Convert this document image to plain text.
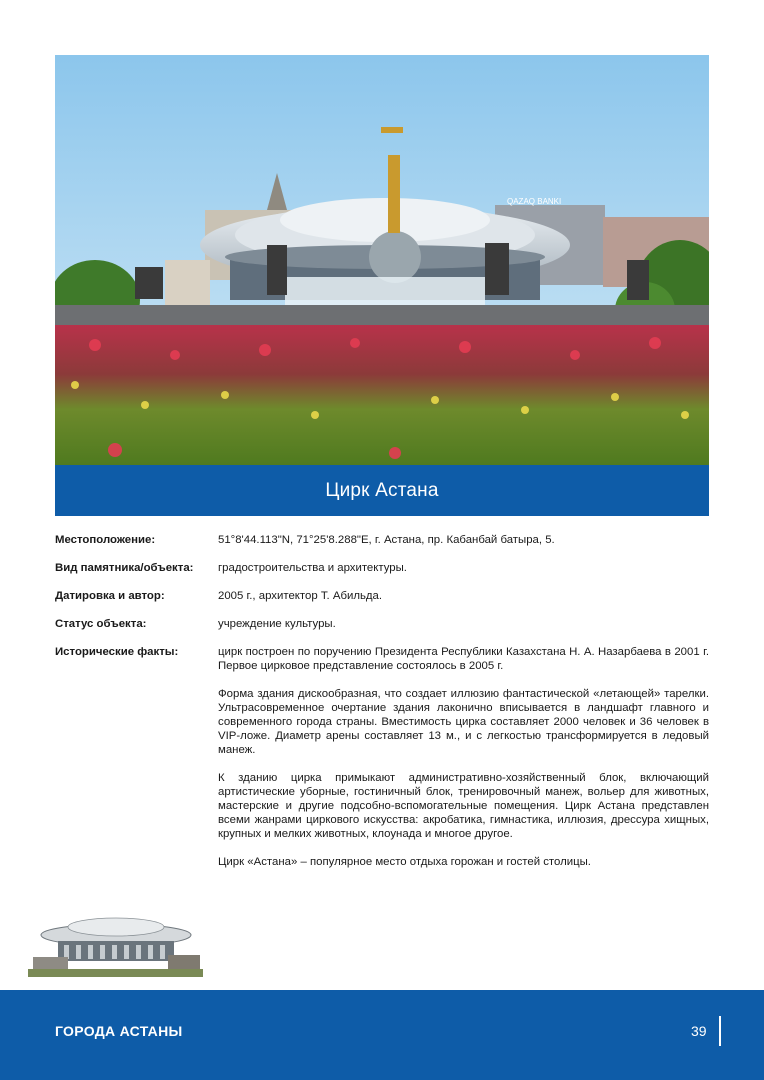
QAZAQ BANKI
Цирк Астана
Местоположение:	51°8'44.113"N, 71°25'8.288"E, г. Астана, пр. Кабанбай батыра, 5.
Вид памятника/объекта:	градостроительства и архитектуры.
Датировка и автор:	2005 г., архитектор Т. Абильда.
Статус объекта:	учреждение культуры.
Исторические факты:	цирк построен по поручению Президента Республики Казахстана Н. А. Назарбаева в 2001 г. Первое цирковое представление состоялось в 2005 г.

Форма здания дискообразная, что создает иллюзию фантастической «летающей» тарелки. Ультрасовременное очертание здания лаконично вписывается в ландшафт главного и современного города страны. Вместимость цирка составляет 2000 человек и 36 человек в VIP-ложе. Диаметр арены составляет 13 м., и с легкостью трансформируется в ледовый манеж.

К зданию цирка примыкают административно-хозяйственный блок, включающий артистические уборные, гостиничный блок, тренировочный манеж, вольер для животных, мастерские и другие подсобно-вспомогательные помещения. Цирк Астана представлен всеми жанрами циркового искусства: акробатика, гимнастика, иллюзия, дрессура хищных, крупных и мелких животных, клоунада и многое другое.

Цирк «Астана» – популярное место отдыха горожан и гостей столицы.

ГОРОДА АСТАНЫ	39
